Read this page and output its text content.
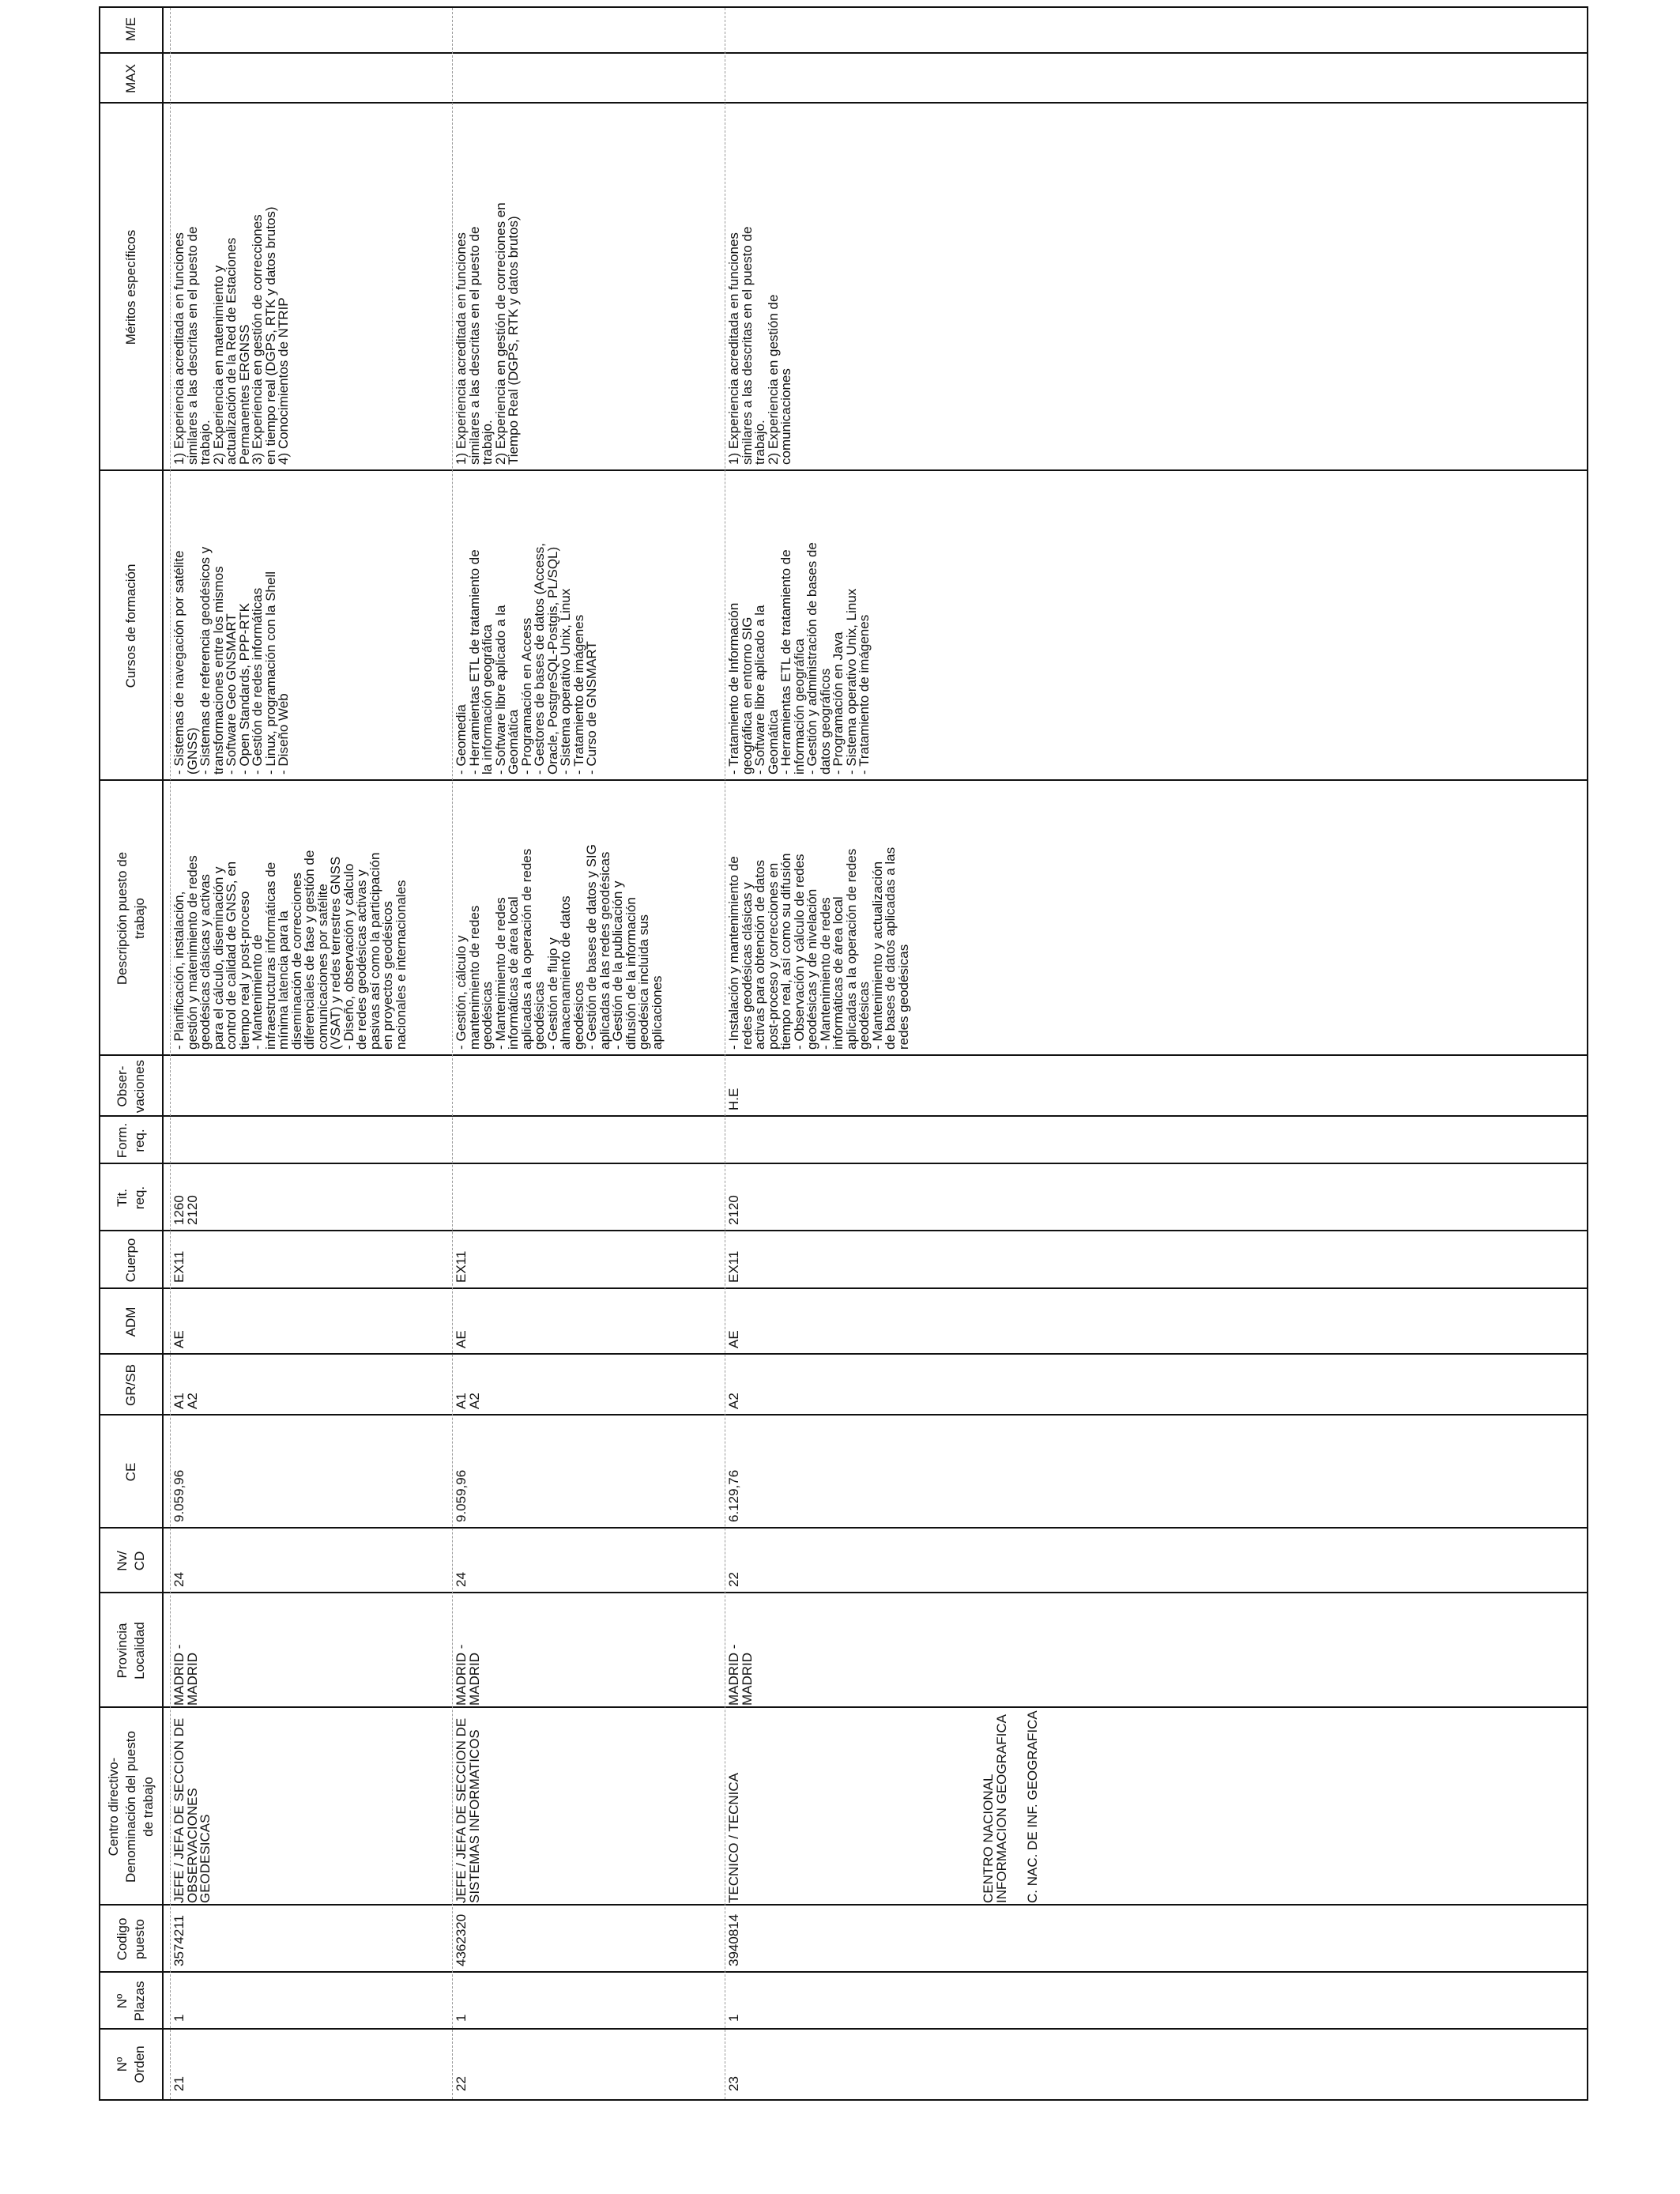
Nº
Orden
Nº
Plazas
Codigo
puesto
Centro directivo-
Denominación del puesto
de trabajo
Provincia
Localidad
Nv/
CD
CE
GR/SB
ADM
Cuerpo
Tit.
req.
Form.
req.
Obser-
vaciones
Descripción puesto de
trabajo
Cursos de formación
Méritos específicos
MAX
M/E
21
1
3574211
JEFE / JEFA DE SECCION DE
OBSERVACIONES
GEODESICAS
MADRID -
MADRID
24
9.059,96
A1
A2
AE
EX11
1260
2120
- Planificación, instalación,
gestión y matenimiento de redes
geodésicas clásicas y activas
para el cálculo, diseminación y
control de calidad de GNSS, en
tiempo real y post-proceso
- Mantenimiento de
infraestructuras informáticas de
mínima latencia para la
diseminación de correcciones
diferenciales de fase y gestión de
comunicaciones por satélite
(VSAT) y redes terrestres GNSS
- Diseño, observación y cálculo
de redes geodésicas activas y
pasivas así como la participación
en proyectos geodésicos
nacionales e internacionales
- Sistemas de navegación por satélite
(GNSS)
- Sistemas de referencia geodésicos y
transformaciones entre los mismos
- Software Geo GNSMART
- Open Standards, PPP-RTK
- Gestión de redes informáticas
- Linux, programación con la Shell
- Diseño Web
1) Experiencia acreditada en funciones
similares a las descritas en el puesto de
trabajo.
2) Experiencia en matenimiento y
actualización de la Red de Estaciones
Permanentes ERGNSS
3) Experiencia en gestión de correcciones
en tiempo real (DGPS, RTK y datos brutos)
4) Conocimientos de NTRIP
22
1
4362320
JEFE / JEFA DE SECCION DE
SISTEMAS INFORMATICOS
MADRID -
MADRID
24
9.059,96
A1
A2
AE
EX11
- Gestión, cálculo y
mantenimiento de redes
geodésicas
- Mantenimiento de redes
informáticas de área local
aplicadas a la operación de redes
geodésicas
- Gestión de flujo y
almacenamiento de datos
geodésicos
- Gestión de bases de datos y SIG
aplicadas a las redes geodésicas
- Gestión de la publicación y
difusión de la información
geodésica incluida sus
aplicaciones
- Geomedia
- Herramientas ETL de tratamiento de
la información geográfica
- Software libre aplicado a la
Geomática
- Programación en Access
- Gestores de bases de datos (Access,
Oracle, PostgreSQL-Postgis, PL/SQL)
- Sistema operativo Unix, Linux
- Tratamiento de imágenes
- Curso de GNSMART
1) Experiencia acreditada en funciones
similares a las descritas en el puesto de
trabajo.
2) Experiencia en gestión de correciones en
Tiempo Real (DGPS, RTK y datos brutos)
23
1
3940814
TECNICO / TECNICA
MADRID -
MADRID
22
6.129,76
A2
AE
EX11
2120
H.E
- Instalación y mantenimiento de
redes geodésicas clásicas y
activas para obtención de datos
post-proceso y correcciones en
tiempo real, así como su difusión
- Observación y cálculo de redes
geodésicas y de nivelación
- Mantenimiento de redes
informáticas de área local
aplicadas a la operación de redes
geodésicas
- Mantenimiento y actualización
de bases de datos aplicadas a las
redes geodésicas
- Tratamiento de Información
geográfica en entorno SIG
- Software libre aplicado a la
Geomática
- Herramientas ETL de tratamiento de
información geográfica
- Gestión y administración de bases de
datos geográficos
- Programación en Java
- Sistema operativo Unix, Linux
- Tratamiento de imágenes
1) Experiencia acreditada en funciones
similares a las descritas en el puesto de
trabajo.
2) Experiencia en gestión de
comunicaciones
CENTRO NACIONAL
INFORMACION GEOGRAFICA	C. NAC. DE INF. GEOGRAFICA
